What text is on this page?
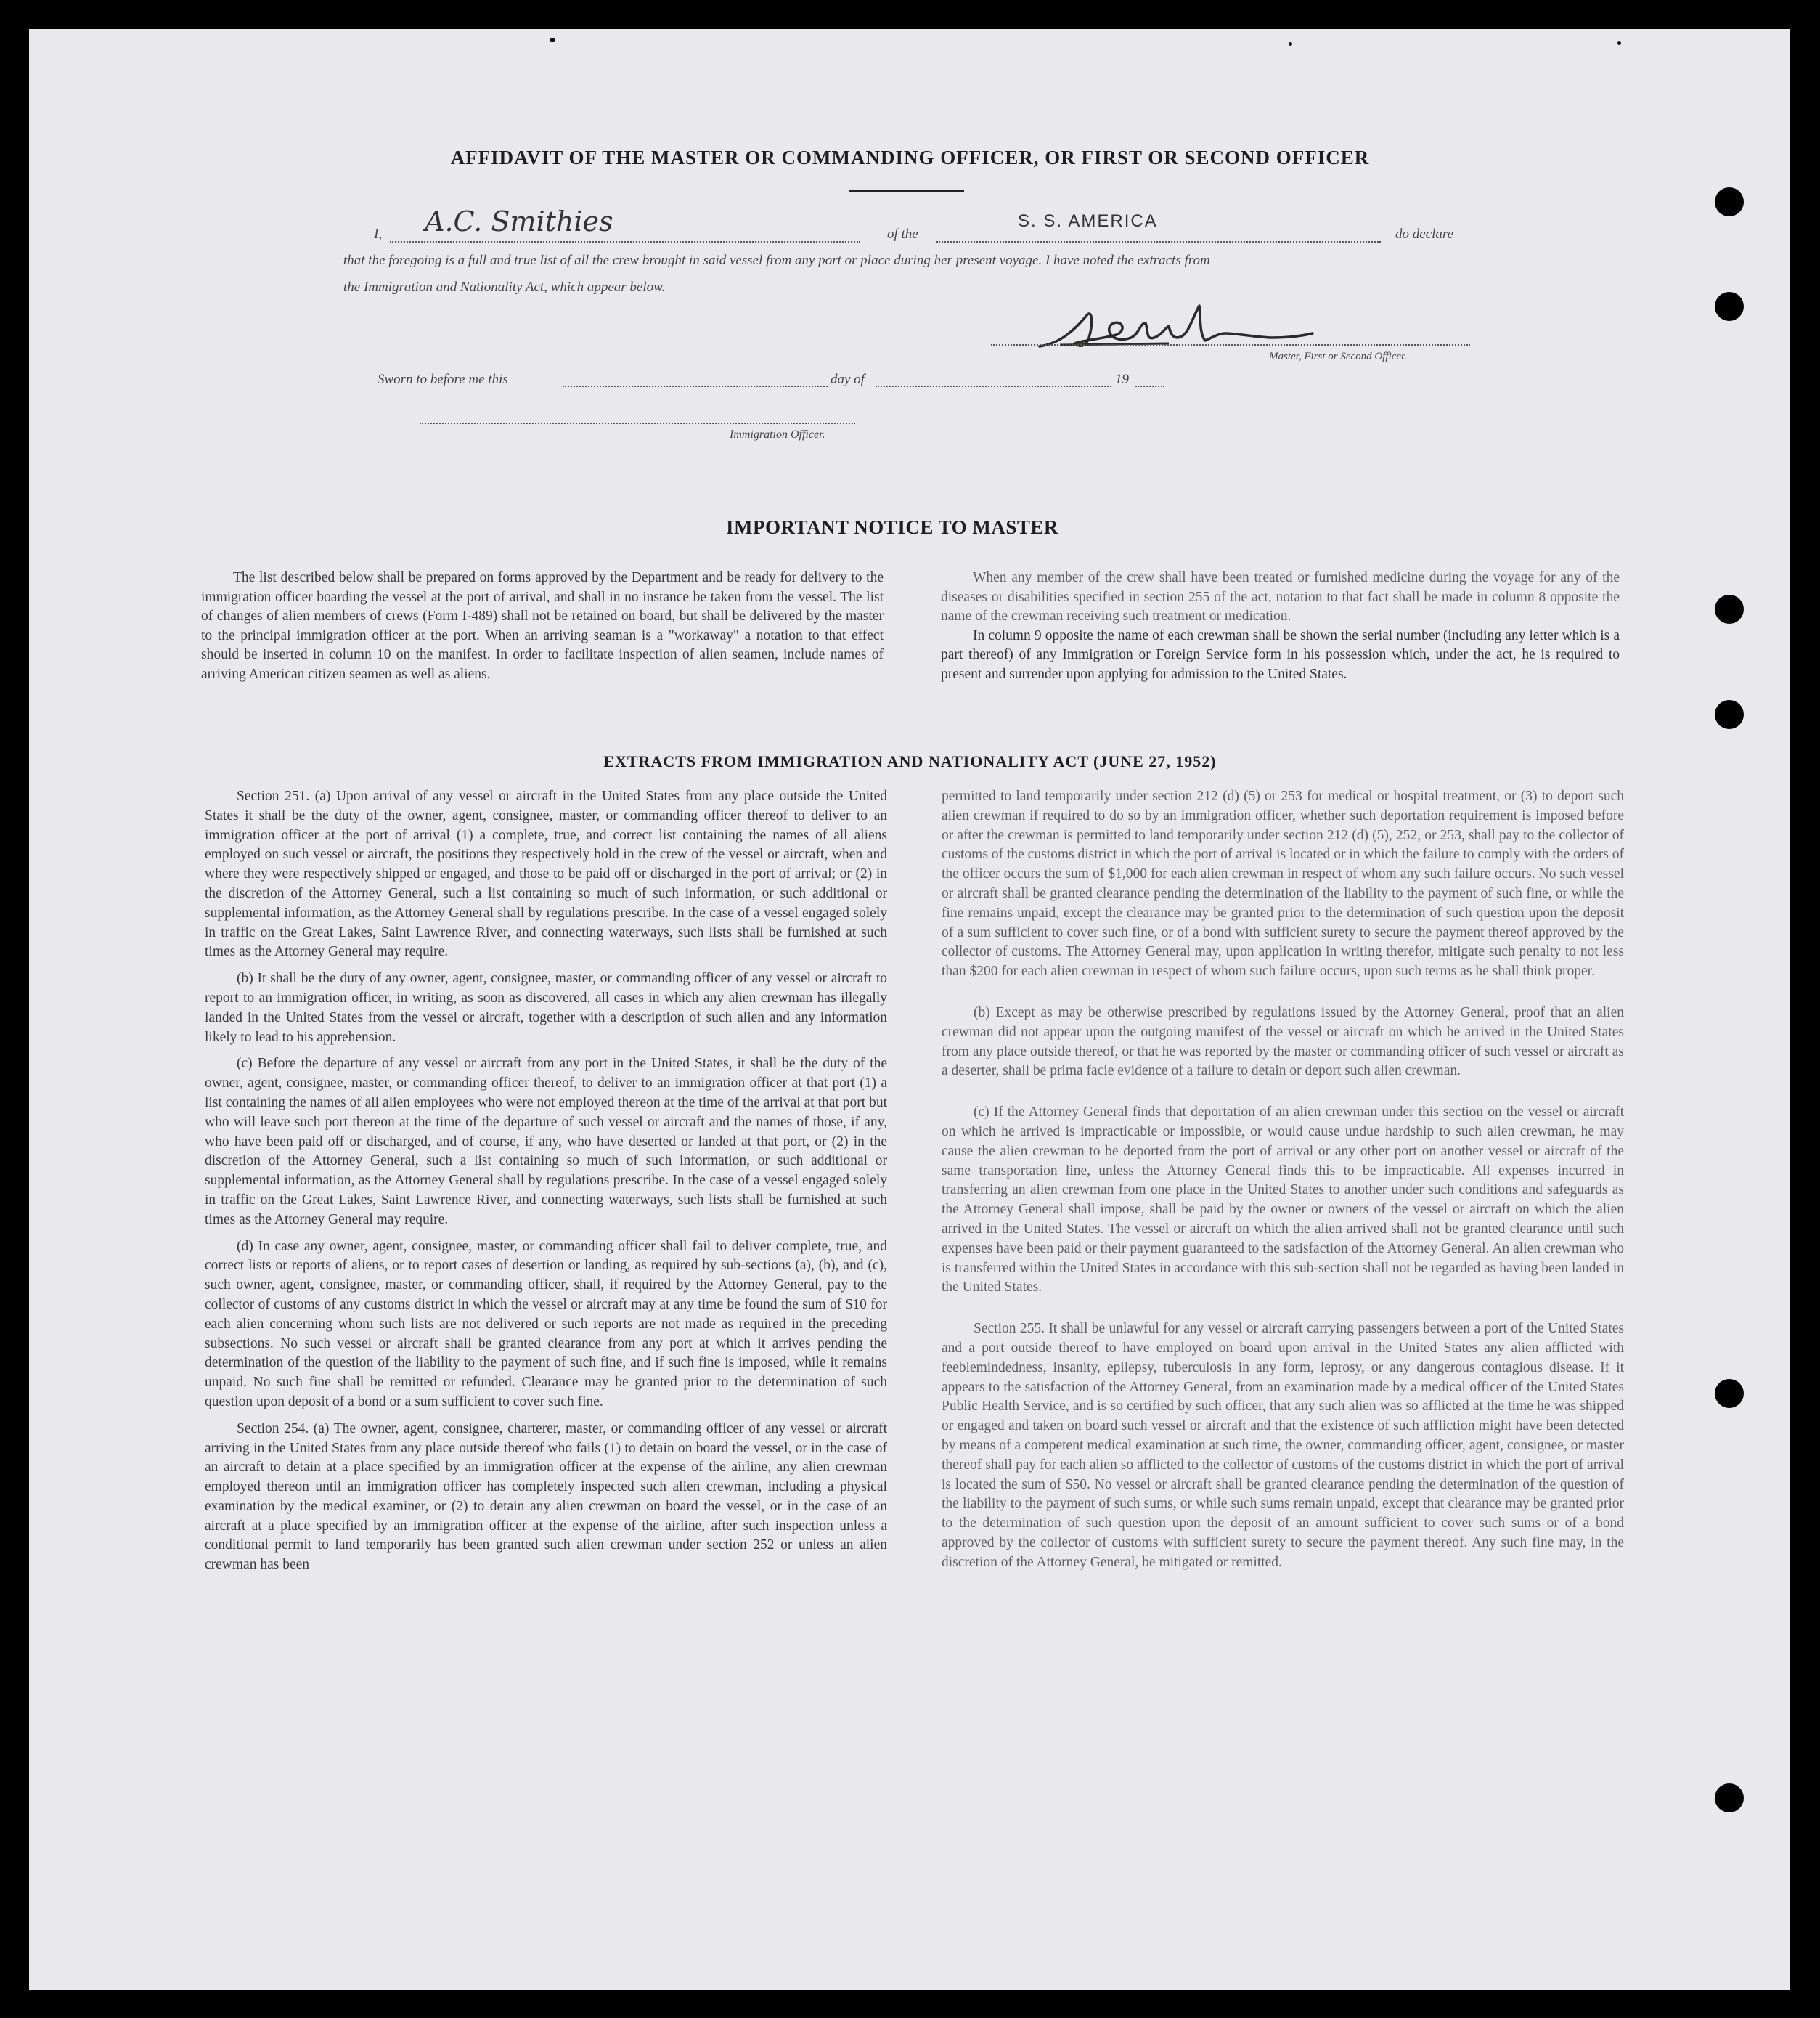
AFFIDAVIT OF THE MASTER OR COMMANDING OFFICER, OR FIRST OR SECOND OFFICER
I, A.C. Smithies	of the
S. S. AMERICA
do declare
that the foregoing is a full and true list of all the crew brought in said vessel from any port or place during her present voyage. I have noted the extracts from
the Immigration and Nationality Act, which appear below.
Master, First or Second Officer.
Sworn to before me this	day of	19
Immigration Officer.
IMPORTANT NOTICE TO MASTER

The list described below shall be prepared on forms approved by the Department and be ready for delivery to the immigration officer boarding the vessel at the port of arrival, and shall in no instance be taken from the vessel. The list of changes of alien members of crews (Form I-489) shall not be retained on board, but shall be delivered by the master to the principal immigration officer at the port. When an arriving seaman is a "workaway" a notation to that effect should be inserted in column 10 on the manifest. In order to facilitate inspection of alien seamen, include names of arriving American citizen seamen as well as aliens.

When any member of the crew shall have been treated or furnished medicine during the voyage for any of the diseases or disabilities specified in section 255 of the act, notation to that fact shall be made in column 8 opposite the name of the crewman receiving such treatment or medication.

In column 9 opposite the name of each crewman shall be shown the serial number (including any letter which is a part thereof) of any Immigration or Foreign Service form in his possession which, under the act, he is required to present and surrender upon applying for admission to the United States.

EXTRACTS FROM IMMIGRATION AND NATIONALITY ACT (JUNE 27, 1952)

Section 251. (a) Upon arrival of any vessel or aircraft in the United States from any place outside the United States it shall be the duty of the owner, agent, consignee, master, or commanding officer thereof to deliver to an immigration officer at the port of arrival (1) a complete, true, and correct list containing the names of all aliens employed on such vessel or aircraft, the positions they respectively hold in the crew of the vessel or aircraft, when and where they were respectively shipped or engaged, and those to be paid off or discharged in the port of arrival; or (2) in the discretion of the Attorney General, such a list containing so much of such information, or such additional or supplemental information, as the Attorney General shall by regulations prescribe. In the case of a vessel engaged solely in traffic on the Great Lakes, Saint Lawrence River, and connecting waterways, such lists shall be furnished at such times as the Attorney General may require.

(b) It shall be the duty of any owner, agent, consignee, master, or commanding officer of any vessel or aircraft to report to an immigration officer, in writing, as soon as discovered, all cases in which any alien crewman has illegally landed in the United States from the vessel or aircraft, together with a description of such alien and any information likely to lead to his apprehension.

(c) Before the departure of any vessel or aircraft from any port in the United States, it shall be the duty of the owner, agent, consignee, master, or commanding officer thereof, to deliver to an immigration officer at that port (1) a list containing the names of all alien employees who were not employed thereon at the time of the arrival at that port but who will leave such port thereon at the time of the departure of such vessel or aircraft and the names of those, if any, who have been paid off or discharged, and of course, if any, who have deserted or landed at that port, or (2) in the discretion of the Attorney General, such a list containing so much of such information, or such additional or supplemental information, as the Attorney General shall by regulations prescribe. In the case of a vessel engaged solely in traffic on the Great Lakes, Saint Lawrence River, and connecting waterways, such lists shall be furnished at such times as the Attorney General may require.

(d) In case any owner, agent, consignee, master, or commanding officer shall fail to deliver complete, true, and correct lists or reports of aliens, or to report cases of desertion or landing, as required by sub-sections (a), (b), and (c), such owner, agent, consignee, master, or commanding officer, shall, if required by the Attorney General, pay to the collector of customs of any customs district in which the vessel or aircraft may at any time be found the sum of $10 for each alien concerning whom such lists are not delivered or such reports are not made as required in the preceding subsections. No such vessel or aircraft shall be granted clearance from any port at which it arrives pending the determination of the question of the liability to the payment of such fine, and if such fine is imposed, while it remains unpaid. No such fine shall be remitted or refunded. Clearance may be granted prior to the determination of such question upon deposit of a bond or a sum sufficient to cover such fine.

Section 254. (a) The owner, agent, consignee, charterer, master, or commanding officer of any vessel or aircraft arriving in the United States from any place outside thereof who fails (1) to detain on board the vessel, or in the case of an aircraft to detain at a place specified by an immigration officer at the expense of the airline, any alien crewman employed thereon until an immigration officer has completely inspected such alien crewman, including a physical examination by the medical examiner, or (2) to detain any alien crewman on board the vessel, or in the case of an aircraft at a place specified by an immigration officer at the expense of the airline, after such inspection unless a conditional permit to land temporarily has been granted such alien crewman under section 252 or unless an alien crewman has been

permitted to land temporarily under section 212 (d) (5) or 253 for medical or hospital treatment, or (3) to deport such alien crewman if required to do so by an immigration officer, whether such deportation requirement is imposed before or after the crewman is permitted to land temporarily under section 212 (d) (5), 252, or 253, shall pay to the collector of customs of the customs district in which the port of arrival is located or in which the failure to comply with the orders of the officer occurs the sum of $1,000 for each alien crewman in respect of whom any such failure occurs. No such vessel or aircraft shall be granted clearance pending the determination of the liability to the payment of such fine, or while the fine remains unpaid, except the clearance may be granted prior to the determination of such question upon the deposit of a sum sufficient to cover such fine, or of a bond with sufficient surety to secure the payment thereof approved by the collector of customs. The Attorney General may, upon application in writing therefor, mitigate such penalty to not less than $200 for each alien crewman in respect of whom such failure occurs, upon such terms as he shall think proper.

(b) Except as may be otherwise prescribed by regulations issued by the Attorney General, proof that an alien crewman did not appear upon the outgoing manifest of the vessel or aircraft on which he arrived in the United States from any place outside thereof, or that he was reported by the master or commanding officer of such vessel or aircraft as a deserter, shall be prima facie evidence of a failure to detain or deport such alien crewman.

(c) If the Attorney General finds that deportation of an alien crewman under this section on the vessel or aircraft on which he arrived is impracticable or impossible, or would cause undue hardship to such alien crewman, he may cause the alien crewman to be deported from the port of arrival or any other port on another vessel or aircraft of the same transportation line, unless the Attorney General finds this to be impracticable. All expenses incurred in transferring an alien crewman from one place in the United States to another under such conditions and safeguards as the Attorney General shall impose, shall be paid by the owner or owners of the vessel or aircraft on which the alien arrived in the United States. The vessel or aircraft on which the alien arrived shall not be granted clearance until such expenses have been paid or their payment guaranteed to the satisfaction of the Attorney General. An alien crewman who is transferred within the United States in accordance with this sub-section shall not be regarded as having been landed in the United States.

Section 255. It shall be unlawful for any vessel or aircraft carrying passengers between a port of the United States and a port outside thereof to have employed on board upon arrival in the United States any alien afflicted with feeblemindedness, insanity, epilepsy, tuberculosis in any form, leprosy, or any dangerous contagious disease. If it appears to the satisfaction of the Attorney General, from an examination made by a medical officer of the United States Public Health Service, and is so certified by such officer, that any such alien was so afflicted at the time he was shipped or engaged and taken on board such vessel or aircraft and that the existence of such affliction might have been detected by means of a competent medical examination at such time, the owner, commanding officer, agent, consignee, or master thereof shall pay for each alien so afflicted to the collector of customs of the customs district in which the port of arrival is located the sum of $50. No vessel or aircraft shall be granted clearance pending the determination of the question of the liability to the payment of such sums, or while such sums remain unpaid, except that clearance may be granted prior to the determination of such question upon the deposit of an amount sufficient to cover such sums or of a bond approved by the collector of customs with sufficient surety to secure the payment thereof. Any such fine may, in the discretion of the Attorney General, be mitigated or remitted.
